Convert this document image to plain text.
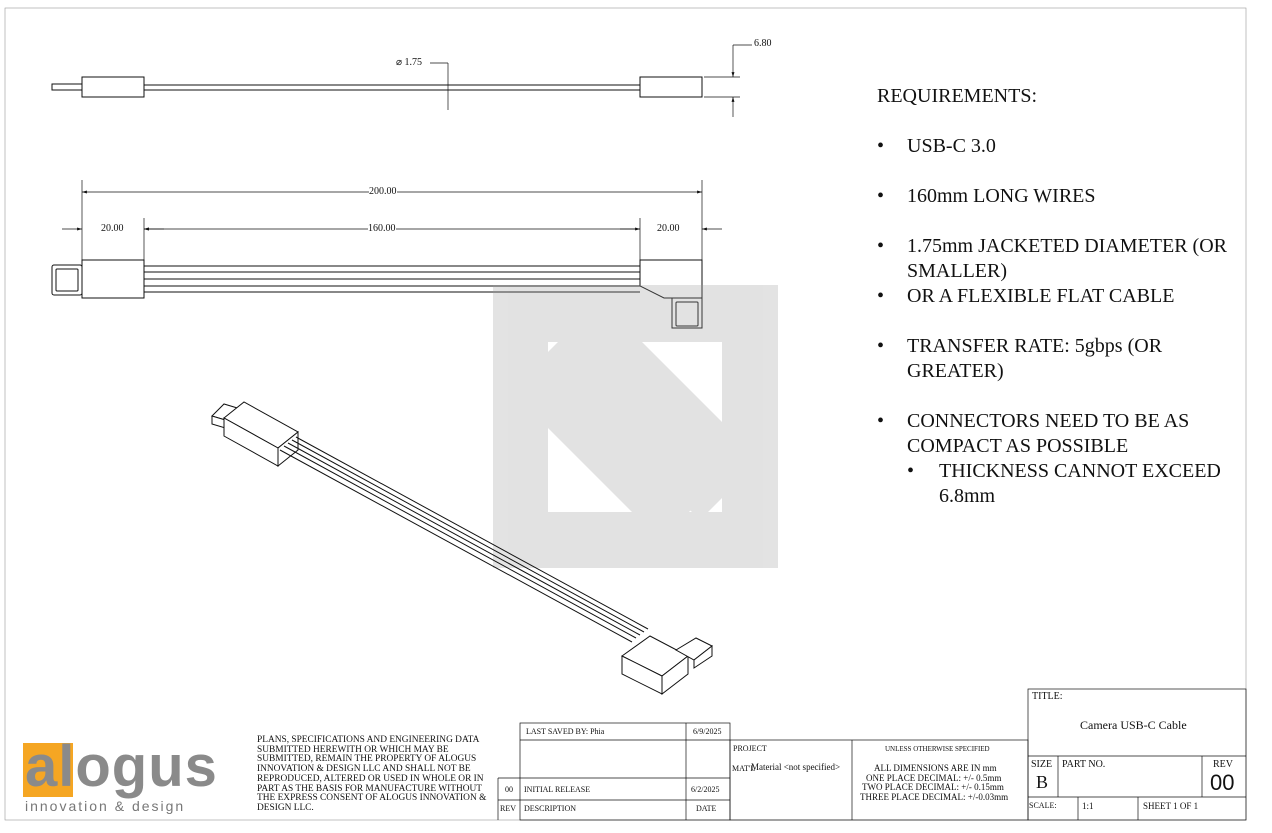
⌀ 1.75
6.80
200.00
20.00	160.00	20.00
REQUIREMENTS:
• USB-C 3.0
• 160mm LONG WIRES
• 1.75mm JACKETED DIAMETER (OR SMALLER)
• OR A FLEXIBLE FLAT CABLE
• TRANSFER RATE: 5gbps (OR GREATER)
• CONNECTORS NEED TO BE AS COMPACT AS POSSIBLE
• THICKNESS CANNOT EXCEED 6.8mm
alogus
innovation & design
PLANS, SPECIFICATIONS AND ENGINEERING DATA SUBMITTED HEREWITH OR WHICH MAY BE SUBMITTED, REMAIN THE PROPERTY OF ALOGUS INNOVATION & DESIGN LLC AND SHALL NOT BE REPRODUCED, ALTERED OR USED IN WHOLE OR IN PART AS THE BASIS FOR MANUFACTURE WITHOUT THE EXPRESS CONSENT OF ALOGUS INNOVATION & DESIGN LLC.
LAST SAVED BY: Phia	6/9/2025
00 INITIAL RELEASE	6/2/2025
REV DESCRIPTION	DATE
PROJECT
MAT'L
Material <not specified>
UNLESS OTHERWISE SPECIFIED
ALL DIMENSIONS ARE IN mm
ONE PLACE DECIMAL: +/- 0.5mm
TWO PLACE DECIMAL: +/- 0.15mm
THREE PLACE DECIMAL: +/-0.03mm
TITLE:
Camera USB-C Cable
SIZE
B
PART NO.	REV
00
SCALE:	1:1	SHEET 1 OF 1
